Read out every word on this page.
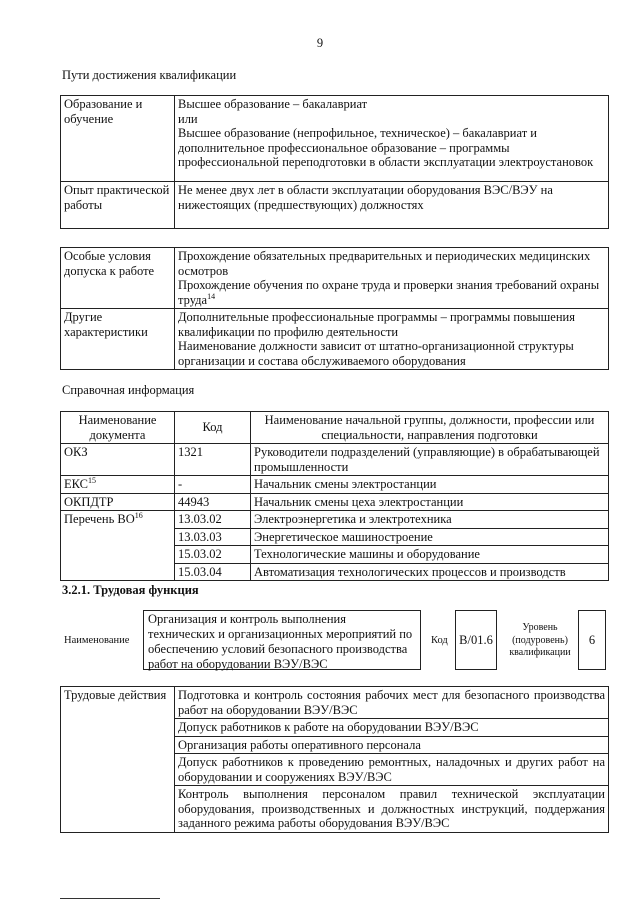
9
Пути достижения квалификации
Образование и обучение	Высшее образование – бакалавриат
или
Высшее образование (непрофильное, техническое) – бакалавриат и дополнительное профессиональное образование – программы профессиональной переподготовки в области эксплуатации электроустановок

Опыт практической работы	Не менее двух лет в области эксплуатации оборудования ВЭС/ВЭУ на нижестоящих (предшествующих) должностях
Особые условия допуска к работе	Прохождение обязательных предварительных и периодических медицинских осмотров
Прохождение обучения по охране труда и проверки знания требований охраны труда$^{14}$

Другие характеристики	Дополнительные профессиональные программы – программы повышения квалификации по профилю деятельности
Наименование должности зависит от штатно-организационной структуры организации и состава обслуживаемого оборудования
Справочная информация
Наименование документа	Код	Наименование начальной группы, должности, профессии или специальности, направления подготовки
ОКЗ	1321	Руководители подразделений (управляющие) в обрабатывающей промышленности
ЕКС$^{15}$	-	Начальник смены электростанции
ОКПДТР	44943	Начальник смены цеха электростанции
Перечень ВО$^{16}$	13.03.02	Электроэнергетика и электротехника
	13.03.03	Энергетическое машиностроение
	15.03.02	Технологические машины и оборудование
	15.03.04	Автоматизация технологических процессов и производств
3.2.1. Трудовая функция
Наименование
Организация и контроль выполнения технических и организационных мероприятий по обеспечению условий безопасного производства работ на оборудовании ВЭУ/ВЭС
Код B/01.6
Уровень (подуровень) квалификации
6
Трудовые действия	Подготовка и контроль состояния рабочих мест для безопасного производства работ на оборудовании ВЭУ/ВЭС
Допуск работников к работе на оборудовании ВЭУ/ВЭС
Организация работы оперативного персонала
Допуск работников к проведению ремонтных, наладочных и других работ на оборудовании и сооружениях ВЭУ/ВЭС
Контроль выполнения персоналом правил технической эксплуатации оборудования, производственных и должностных инструкций, поддержания заданного режима работы оборудования ВЭУ/ВЭС
